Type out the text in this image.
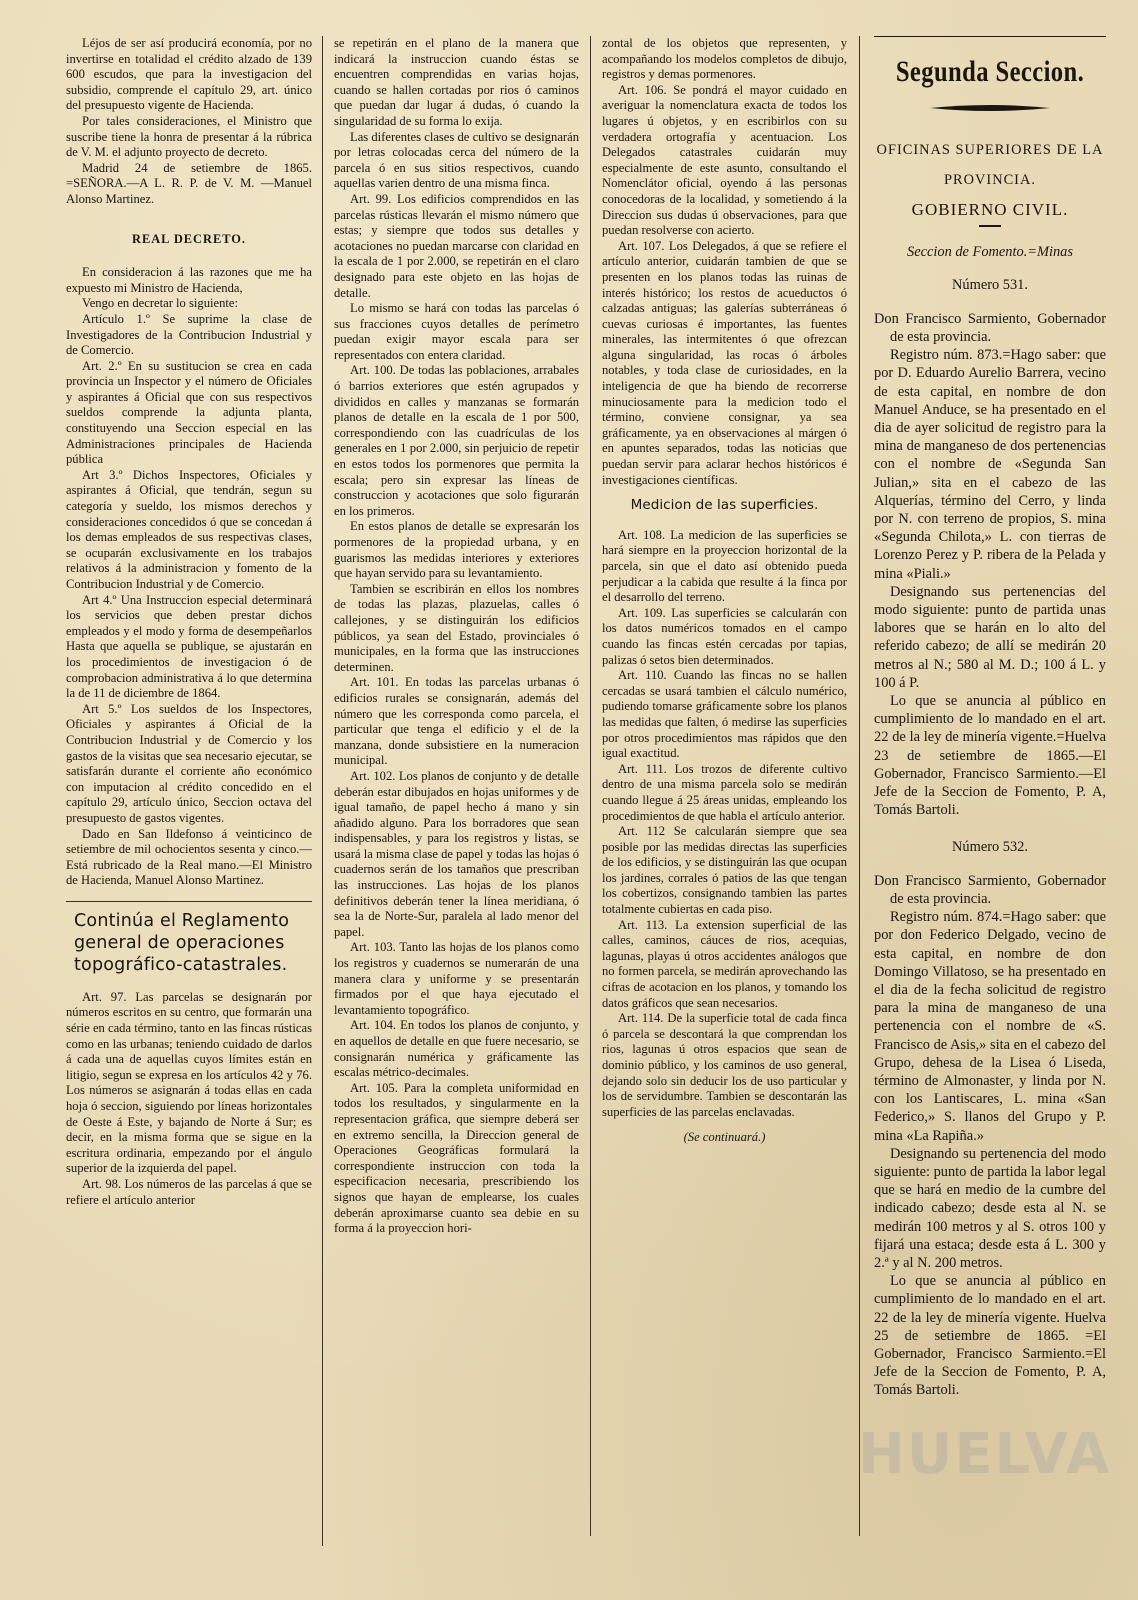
Léjos de ser así producirá economía, por no invertirse en totalidad el crédito alzado de 139 600 escudos, que para la investigacion del subsidio, comprende el capítulo 29, art. único del presupuesto vigente de Hacienda.

Por tales consideraciones, el Ministro que suscribe tiene la honra de presentar á la rúbrica de V. M. el adjunto proyecto de decreto.

Madrid 24 de setiembre de 1865. =SEÑORA.—A L. R. P. de V. M. —Manuel Alonso Martinez.

REAL DECRETO.

En consideracion á las razones que me ha expuesto mi Ministro de Hacienda,

Vengo en decretar lo siguiente:

Artículo 1.º Se suprime la clase de Investigadores de la Contribucion Industrial y de Comercio.

Art. 2.º En su sustitucion se crea en cada provincia un Inspector y el número de Oficiales y aspirantes á Oficial que con sus respectivos sueldos comprende la adjunta planta, constituyendo una Seccion especial en las Administraciones principales de Hacienda pública

Art 3.º Dichos Inspectores, Oficiales y aspirantes á Oficial, que tendrán, segun su categoría y sueldo, los mismos derechos y consideraciones concedidos ó que se concedan á los demas empleados de sus respectivas clases, se ocuparán exclusivamente en los trabajos relativos á la administracion y fomento de la Contribucion Industrial y de Comercio.

Art 4.º Una Instruccion especial determinará los servicios que deben prestar dichos empleados y el modo y forma de desempeñarlos Hasta que aquella se publique, se ajustarán en los procedimientos de investigacion ó de comprobacion administrativa á lo que determina la de 11 de diciembre de 1864.

Art 5.º Los sueldos de los Inspectores, Oficiales y aspirantes á Oficial de la Contribucion Industrial y de Comercio y los gastos de la visitas que sea necesario ejecutar, se satisfarán durante el corriente año económico con imputacion al crédito concedido en el capítulo 29, artículo único, Seccion octava del presupuesto de gastos vigentes.

Dado en San Ildefonso á veinticinco de setiembre de mil ochocientos sesenta y cinco.—Está rubricado de la Real mano.—El Ministro de Hacienda, Manuel Alonso Martinez.

Continúa el Reglamento general de operaciones topográfico-catastrales.

Art. 97. Las parcelas se designarán por números escritos en su centro, que formarán una série en cada término, tanto en las fincas rústicas como en las urbanas; teniendo cuidado de darlos á cada una de aquellas cuyos límites están en litigio, segun se expresa en los artículos 42 y 76. Los números se asignarán á todas ellas en cada hoja ó seccion, siguiendo por líneas horizontales de Oeste á Este, y bajando de Norte á Sur; es decir, en la misma forma que se sigue en la escritura ordinaria, empezando por el ángulo superior de la izquierda del papel.

Art. 98. Los números de las parcelas á que se refiere el artículo anterior

se repetirán en el plano de la manera que indicará la instruccion cuando éstas se encuentren comprendidas en varias hojas, cuando se hallen cortadas por rios ó caminos que puedan dar lugar á dudas, ó cuando la singularidad de su forma lo exija.

Las diferentes clases de cultivo se designarán por letras colocadas cerca del número de la parcela ó en sus sitios respectivos, cuando aquellas varien dentro de una misma finca.

Art. 99. Los edificios comprendidos en las parcelas rústicas llevarán el mismo número que estas; y siempre que todos sus detalles y acotaciones no puedan marcarse con claridad en la escala de 1 por 2.000, se repetirán en el claro designado para este objeto en las hojas de detalle.

Lo mismo se hará con todas las parcelas ó sus fracciones cuyos detalles de perímetro puedan exigir mayor escala para ser representados con entera claridad.

Art. 100. De todas las poblaciones, arrabales ó barrios exteriores que estén agrupados y divididos en calles y manzanas se formarán planos de detalle en la escala de 1 por 500, correspondiendo con las cuadrículas de los generales en 1 por 2.000, sin perjuicio de repetir en estos todos los pormenores que permita la escala; pero sin expresar las líneas de construccion y acotaciones que solo figurarán en los primeros.

En estos planos de detalle se expresarán los pormenores de la propiedad urbana, y en guarismos las medidas interiores y exteriores que hayan servido para su levantamiento.

Tambien se escribirán en ellos los nombres de todas las plazas, plazuelas, calles ó callejones, y se distinguirán los edificios públicos, ya sean del Estado, provinciales ó municipales, en la forma que las instrucciones determinen.

Art. 101. En todas las parcelas urbanas ó edificios rurales se consignarán, además del número que les corresponda como parcela, el particular que tenga el edificio y el de la manzana, donde subsistiere en la numeracion municipal.

Art. 102. Los planos de conjunto y de detalle deberán estar dibujados en hojas uniformes y de igual tamaño, de papel hecho á mano y sin añadido alguno. Para los borradores que sean indispensables, y para los registros y listas, se usará la misma clase de papel y todas las hojas ó cuadernos serán de los tamaños que prescriban las instrucciones. Las hojas de los planos definitivos deberán tener la línea meridiana, ó sea la de Norte-Sur, paralela al lado menor del papel.

Art. 103. Tanto las hojas de los planos como los registros y cuadernos se numerarán de una manera clara y uniforme y se presentarán firmados por el que haya ejecutado el levantamiento topográfico.

Art. 104. En todos los planos de conjunto, y en aquellos de detalle en que fuere necesario, se consignarán numérica y gráficamente las escalas métrico-decimales.

Art. 105. Para la completa uniformidad en todos los resultados, y singularmente en la representacion gráfica, que siempre deberá ser en extremo sencilla, la Direccion general de Operaciones Geográficas formulará la correspondiente instruccion con toda la especificacion necesaria, prescribiendo los signos que hayan de emplearse, los cuales deberán aproximarse cuanto sea debie en su forma á la proyeccion hori-

zontal de los objetos que representen, y acompañando los modelos completos de dibujo, registros y demas pormenores.

Art. 106. Se pondrá el mayor cuidado en averiguar la nomenclatura exacta de todos los lugares ú objetos, y en escribirlos con su verdadera ortografía y acentuacion. Los Delegados catastrales cuidarán muy especialmente de este asunto, consultando el Nomenclátor oficial, oyendo á las personas conocedoras de la localidad, y sometiendo á la Direccion sus dudas ú observaciones, para que puedan resolverse con acierto.

Art. 107. Los Delegados, á que se refiere el artículo anterior, cuidarán tambien de que se presenten en los planos todas las ruinas de interés histórico; los restos de acueductos ó calzadas antiguas; las galerías subterráneas ó cuevas curiosas é importantes, las fuentes minerales, las intermitentes ó que ofrezcan alguna singularidad, las rocas ó árboles notables, y toda clase de curiosidades, en la inteligencia de que ha biendo de recorrerse minuciosamente para la medicion todo el término, conviene consignar, ya sea gráficamente, ya en observaciones al márgen ó en apuntes separados, todas las noticias que puedan servir para aclarar hechos históricos é investigaciones científicas.

Medicion de las superficies.

Art. 108. La medicion de las superficies se hará siempre en la proyeccion horizontal de la parcela, sin que el dato así obtenido pueda perjudicar a la cabida que resulte á la finca por el desarrollo del terreno.

Art. 109. Las superficies se calcularán con los datos numéricos tomados en el campo cuando las fincas estén cercadas por tapias, palizas ó setos bien determinados.

Art. 110. Cuando las fincas no se hallen cercadas se usará tambien el cálculo numérico, pudiendo tomarse gráficamente sobre los planos las medidas que falten, ó medirse las superficies por otros procedimientos mas rápidos que den igual exactitud.

Art. 111. Los trozos de diferente cultivo dentro de una misma parcela solo se medirán cuando llegue á 25 áreas unidas, empleando los procedimientos de que habla el artículo anterior.

Art. 112 Se calcularán siempre que sea posible por las medidas directas las superficies de los edificios, y se distinguirán las que ocupan los jardines, corrales ó patios de las que tengan los cobertizos, consignando tambien las partes totalmente cubiertas en cada piso.

Art. 113. La extension superficial de las calles, caminos, cáuces de rios, acequias, lagunas, playas ú otros accidentes análogos que no formen parcela, se medirán aprovechando las cifras de acotacion en los planos, y tomando los datos gráficos que sean necesarios.

Art. 114. De la superficie total de cada finca ó parcela se descontará la que comprendan los rios, lagunas ú otros espacios que sean de dominio público, y los caminos de uso general, dejando solo sin deducir los de uso particular y los de servidumbre. Tambien se descontarán las superficies de las parcelas enclavadas.

(Se continuará.)

Segunda Seccion.

OFICINAS SUPERIORES DE LA PROVINCIA.

GOBIERNO CIVIL.

Seccion de Fomento.=Minas

Número 531.

Don Francisco Sarmiento, Gobernador de esta provincia.

Registro núm. 873.=Hago saber: que por D. Eduardo Aurelio Barrera, vecino de esta capital, en nombre de don Manuel Anduce, se ha presentado en el dia de ayer solicitud de registro para la mina de manganeso de dos pertenencias con el nombre de «Segunda San Julian,» sita en el cabezo de las Alquerías, término del Cerro, y linda por N. con terreno de propios, S. mina «Segunda Chilota,» L. con tierras de Lorenzo Perez y P. ribera de la Pelada y mina «Piali.»

Designando sus pertenencias del modo siguiente: punto de partida unas labores que se harán en lo alto del referido cabezo; de allí se medirán 20 metros al N.; 580 al M. D.; 100 á L. y 100 á P.

Lo que se anuncia al público en cumplimiento de lo mandado en el art. 22 de la ley de minería vigente.=Huelva 23 de setiembre de 1865.—El Gobernador, Francisco Sarmiento.—El Jefe de la Seccion de Fomento, P. A, Tomás Bartoli.

Número 532.

Don Francisco Sarmiento, Gobernador de esta provincia.

Registro núm. 874.=Hago saber: que por don Federico Delgado, vecino de esta capital, en nombre de don Domingo Villatoso, se ha presentado en el dia de la fecha solicitud de registro para la mina de manganeso de una pertenencia con el nombre de «S. Francisco de Asis,» sita en el cabezo del Grupo, dehesa de la Lisea ó Liseda, término de Almonaster, y linda por N. con los Lantiscares, L. mina «San Federico,» S. llanos del Grupo y P. mina «La Rapiña.»

Designando su pertenencia del modo siguiente: punto de partida la labor legal que se hará en medio de la cumbre del indicado cabezo; desde esta al N. se medirán 100 metros y al S. otros 100 y fijará una estaca; desde esta á L. 300 y 2.ª y al N. 200 metros.

Lo que se anuncia al público en cumplimiento de lo mandado en el art. 22 de la ley de minería vigente. Huelva 25 de setiembre de 1865. =El Gobernador, Francisco Sarmiento.=El Jefe de la Seccion de Fomento, P. A, Tomás Bartoli.

HUELVA
